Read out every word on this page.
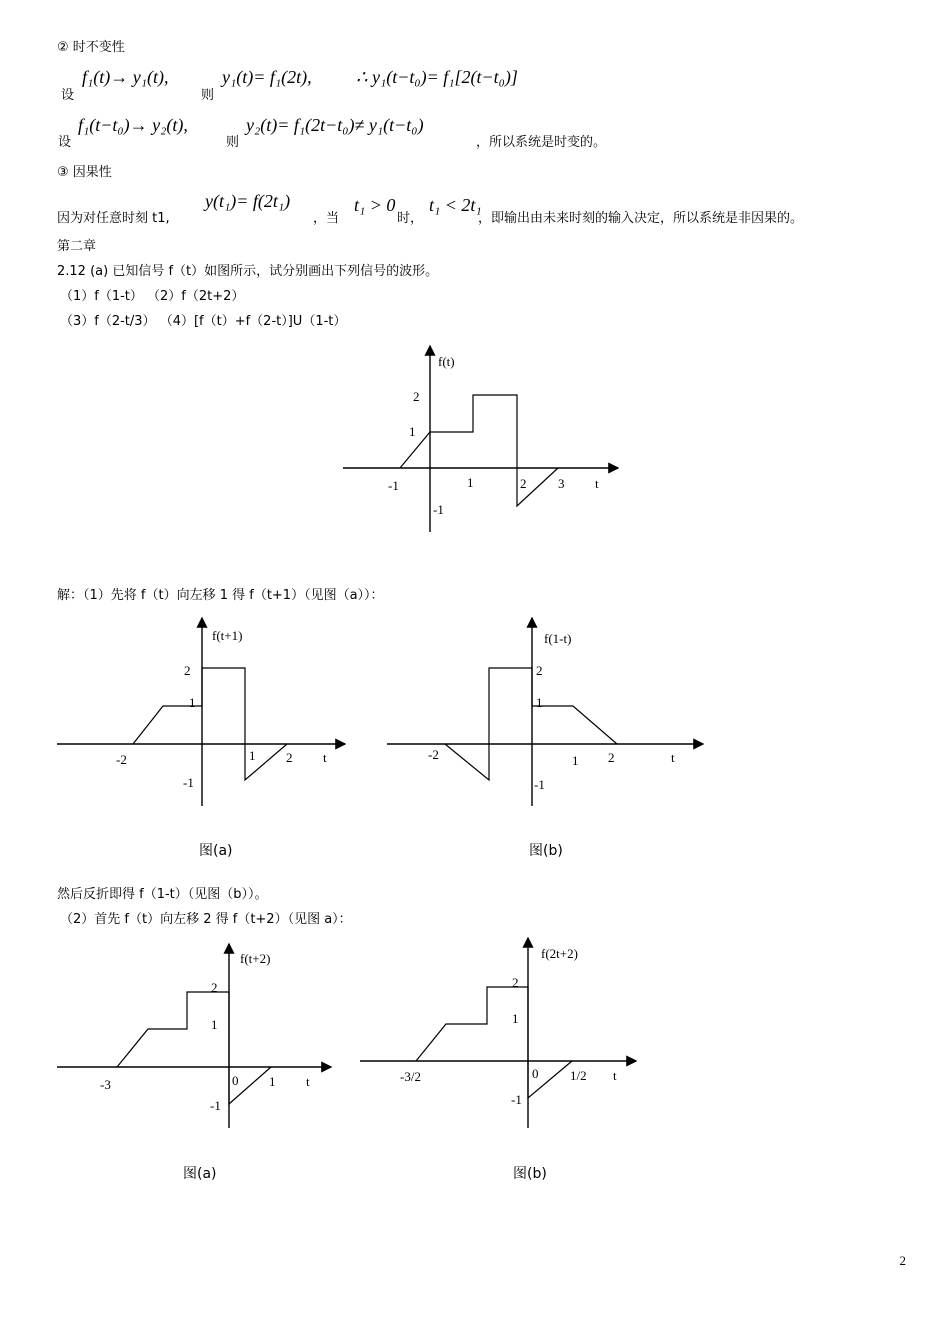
② 时不变性
设
f₁(t)→ y₁(t),
则
y₁(t)= f₁(2t), ∴ y₁(t−t₀)= f₁[2(t−t₀)]
设
f₁(t−t₀)→ y₂(t),
则
y₂(t)= f₁(2t−t₀)≠ y₁(t−t₀)
，所以系统是时变的。
③ 因果性
因为对任意时刻 t1,
y(t₁)= f(2t₁)
，当
t₁ > 0
时，
t₁ < 2t₁
，即输出由未来时刻的输入决定，所以系统是非因果的。
第二章
2.12 (a) 已知信号 f（t）如图所示，试分别画出下列信号的波形。
（1）f（1-t） （2）f（2t+2）
（3）f（2-t/3） （4）[f（t）+f（2-t）]U（1-t）
f(t)
t
-1	1	2 3
2
1
-1
解：（1）先将 f（t）向左移 1 得 f（t+1）（见图（a））：
f(t+1)
t
-2	1 2
2
1
-1
f(1-t)
t
-2	1 2
2
1
-1
图(a)	图(b)
然后反折即得 f（1-t）（见图（b））。
（2）首先 f（t）向左移 2 得 f（t+2）（见图 a）：
f(t+2)
t
-3	0 1
2
1
-1
f(2t+2)
t
-3/2	0 1/2
2
1
-1
图(a)	图(b)
2
